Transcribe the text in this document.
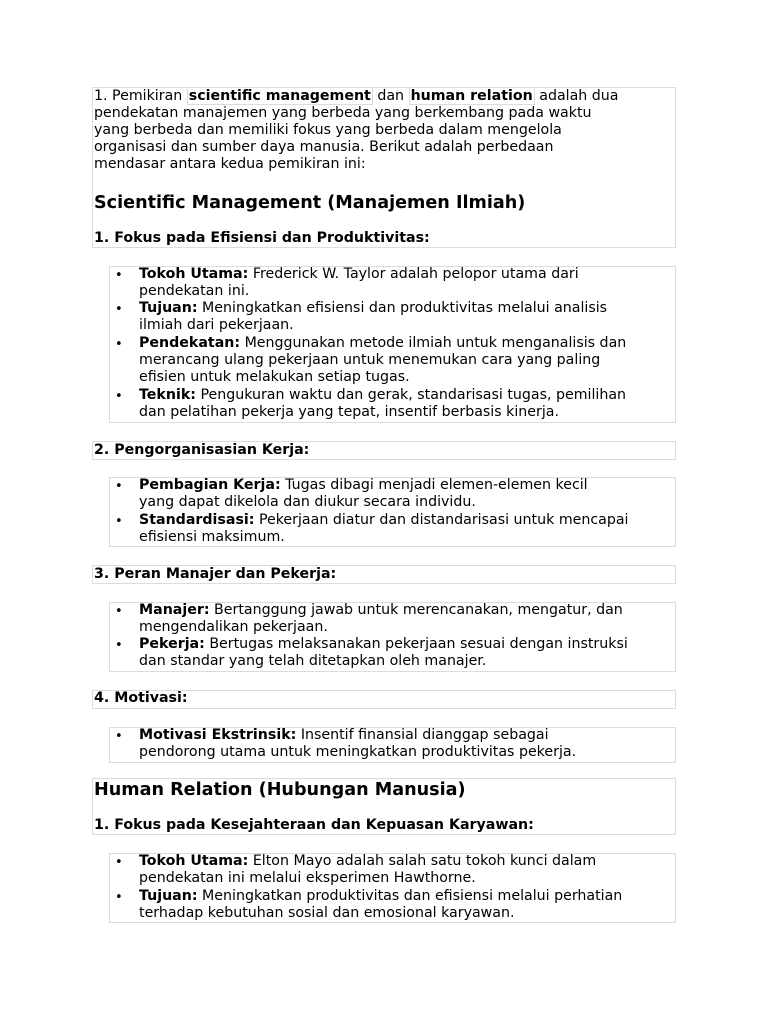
1. Pemikiran scientific management dan human relation adalah dua
pendekatan manajemen yang berbeda yang berkembang pada waktu
yang berbeda dan memiliki fokus yang berbeda dalam mengelola
organisasi dan sumber daya manusia. Berikut adalah perbedaan
mendasar antara kedua pemikiran ini:
Scientific Management (Manajemen Ilmiah)
1. Fokus pada Efisiensi dan Produktivitas:
• Tokoh Utama: Frederick W. Taylor adalah pelopor utama dari
pendekatan ini.
• Tujuan: Meningkatkan efisiensi dan produktivitas melalui analisis
ilmiah dari pekerjaan.
• Pendekatan: Menggunakan metode ilmiah untuk menganalisis dan
merancang ulang pekerjaan untuk menemukan cara yang paling
efisien untuk melakukan setiap tugas.
• Teknik: Pengukuran waktu dan gerak, standarisasi tugas, pemilihan
dan pelatihan pekerja yang tepat, insentif berbasis kinerja.
2. Pengorganisasian Kerja:
• Pembagian Kerja: Tugas dibagi menjadi elemen-elemen kecil
yang dapat dikelola dan diukur secara individu.
• Standardisasi: Pekerjaan diatur dan distandarisasi untuk mencapai
efisiensi maksimum.
3. Peran Manajer dan Pekerja:
• Manajer: Bertanggung jawab untuk merencanakan, mengatur, dan
mengendalikan pekerjaan.
• Pekerja: Bertugas melaksanakan pekerjaan sesuai dengan instruksi
dan standar yang telah ditetapkan oleh manajer.
4. Motivasi:
• Motivasi Ekstrinsik: Insentif finansial dianggap sebagai
pendorong utama untuk meningkatkan produktivitas pekerja.
Human Relation (Hubungan Manusia)
1. Fokus pada Kesejahteraan dan Kepuasan Karyawan:
• Tokoh Utama: Elton Mayo adalah salah satu tokoh kunci dalam
pendekatan ini melalui eksperimen Hawthorne.
• Tujuan: Meningkatkan produktivitas dan efisiensi melalui perhatian
terhadap kebutuhan sosial dan emosional karyawan.
